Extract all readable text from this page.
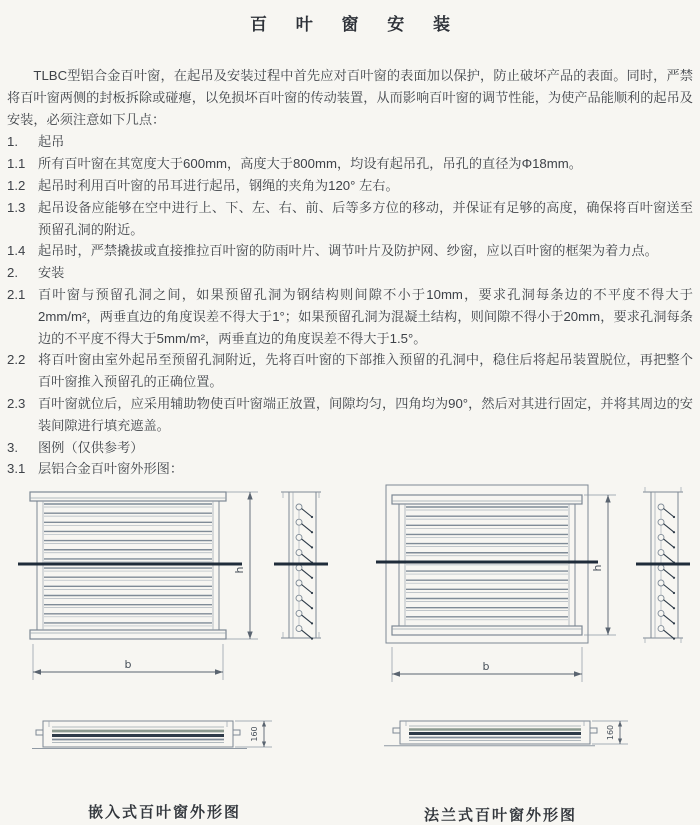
百 叶 窗 安 装

TLBC型铝合金百叶窗，在起吊及安装过程中首先应对百叶窗的表面加以保护，防止破坏产品的表面。同时，严禁将百叶窗两侧的封板拆除或碰瘪，以免损坏百叶窗的传动装置，从而影响百叶窗的调节性能，为使产品能顺利的起吊及安装，必须注意如下几点：

1.	起吊
1.1 所有百叶窗在其宽度大于600mm，高度大于800mm，均设有起吊孔，吊孔的直径为Φ18mm。
1.2 起吊时利用百叶窗的吊耳进行起吊，钢绳的夹角为120° 左右。
1.3 起吊设备应能够在空中进行上、下、左、右、前、后等多方位的移动，并保证有足够的高度，确保将百叶窗送至预留孔洞的附近。
1.4 起吊时，严禁撬拔或直接推拉百叶窗的防雨叶片、调节叶片及防护网、纱窗，应以百叶窗的框架为着力点。
2.	安装
2.1 百叶窗与预留孔洞之间，如果预留孔洞为钢结构则间隙不小于10mm，要求孔洞每条边的不平度不得大于2mm/m²，两垂直边的角度误差不得大于1°；如果预留孔洞为混凝土结构，则间隙不得小于20mm，要求孔洞每条边的不平度不得大于5mm/m²，两垂直边的角度误差不得大于1.5°。
2.2 将百叶窗由室外起吊至预留孔洞附近，先将百叶窗的下部推入预留的孔洞中，稳住后将起吊装置脱位，再把整个百叶窗推入预留孔的正确位置。
2.3 百叶窗就位后，应采用辅助物使百叶窗端正放置，间隙均匀，四角均为90°，然后对其进行固定，并将其周边的安装间隙进行填充遮盖。
3.	图例（仅供参考）
3.1 层铝合金百叶窗外形图：
h
b
h
b
160	160
嵌入式百叶窗外形图	法兰式百叶窗外形图
